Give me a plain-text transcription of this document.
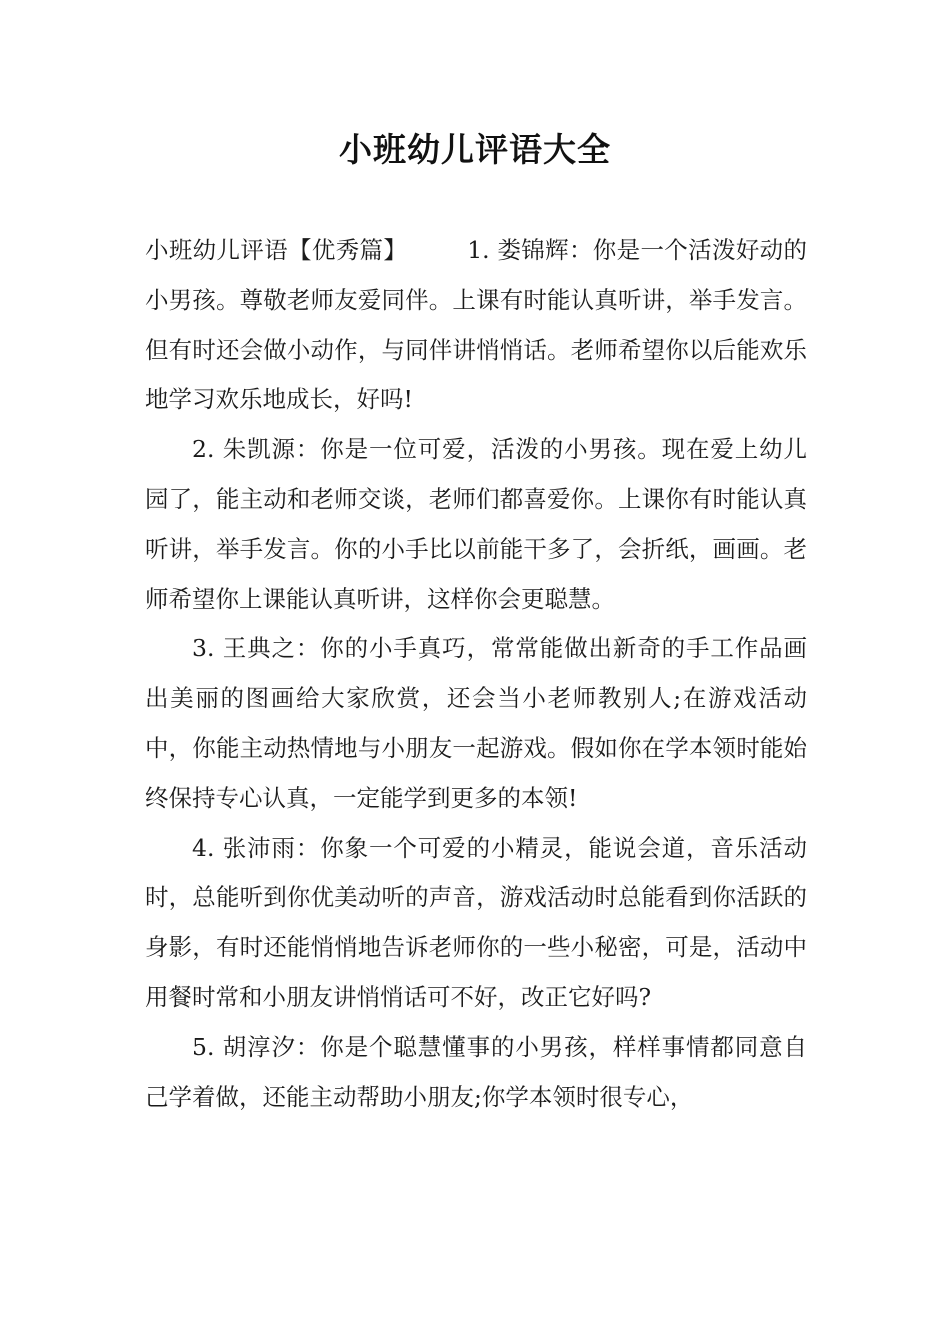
小班幼儿评语大全

小班幼儿评语【优秀篇】	1. 娄锦辉：你是一个活泼好动的小男孩。尊敬老师友爱同伴。上课有时能认真听讲，举手发言。但有时还会做小动作，与同伴讲悄悄话。老师希望你以后能欢乐地学习欢乐地成长，好吗!

2. 朱凯源：你是一位可爱，活泼的小男孩。现在爱上幼儿园了，能主动和老师交谈，老师们都喜爱你。上课你有时能认真听讲，举手发言。你的小手比以前能干多了，会折纸，画画。老师希望你上课能认真听讲，这样你会更聪慧。

3. 王典之：你的小手真巧，常常能做出新奇的手工作品画出美丽的图画给大家欣赏，还会当小老师教别人;在游戏活动中，你能主动热情地与小朋友一起游戏。假如你在学本领时能始终保持专心认真，一定能学到更多的本领!

4. 张沛雨：你象一个可爱的小精灵，能说会道，音乐活动时，总能听到你优美动听的声音，游戏活动时总能看到你活跃的身影，有时还能悄悄地告诉老师你的一些小秘密，可是，活动中用餐时常和小朋友讲悄悄话可不好，改正它好吗?

5. 胡淳汐：你是个聪慧懂事的小男孩，样样事情都同意自己学着做，还能主动帮助小朋友;你学本领时很专心，
